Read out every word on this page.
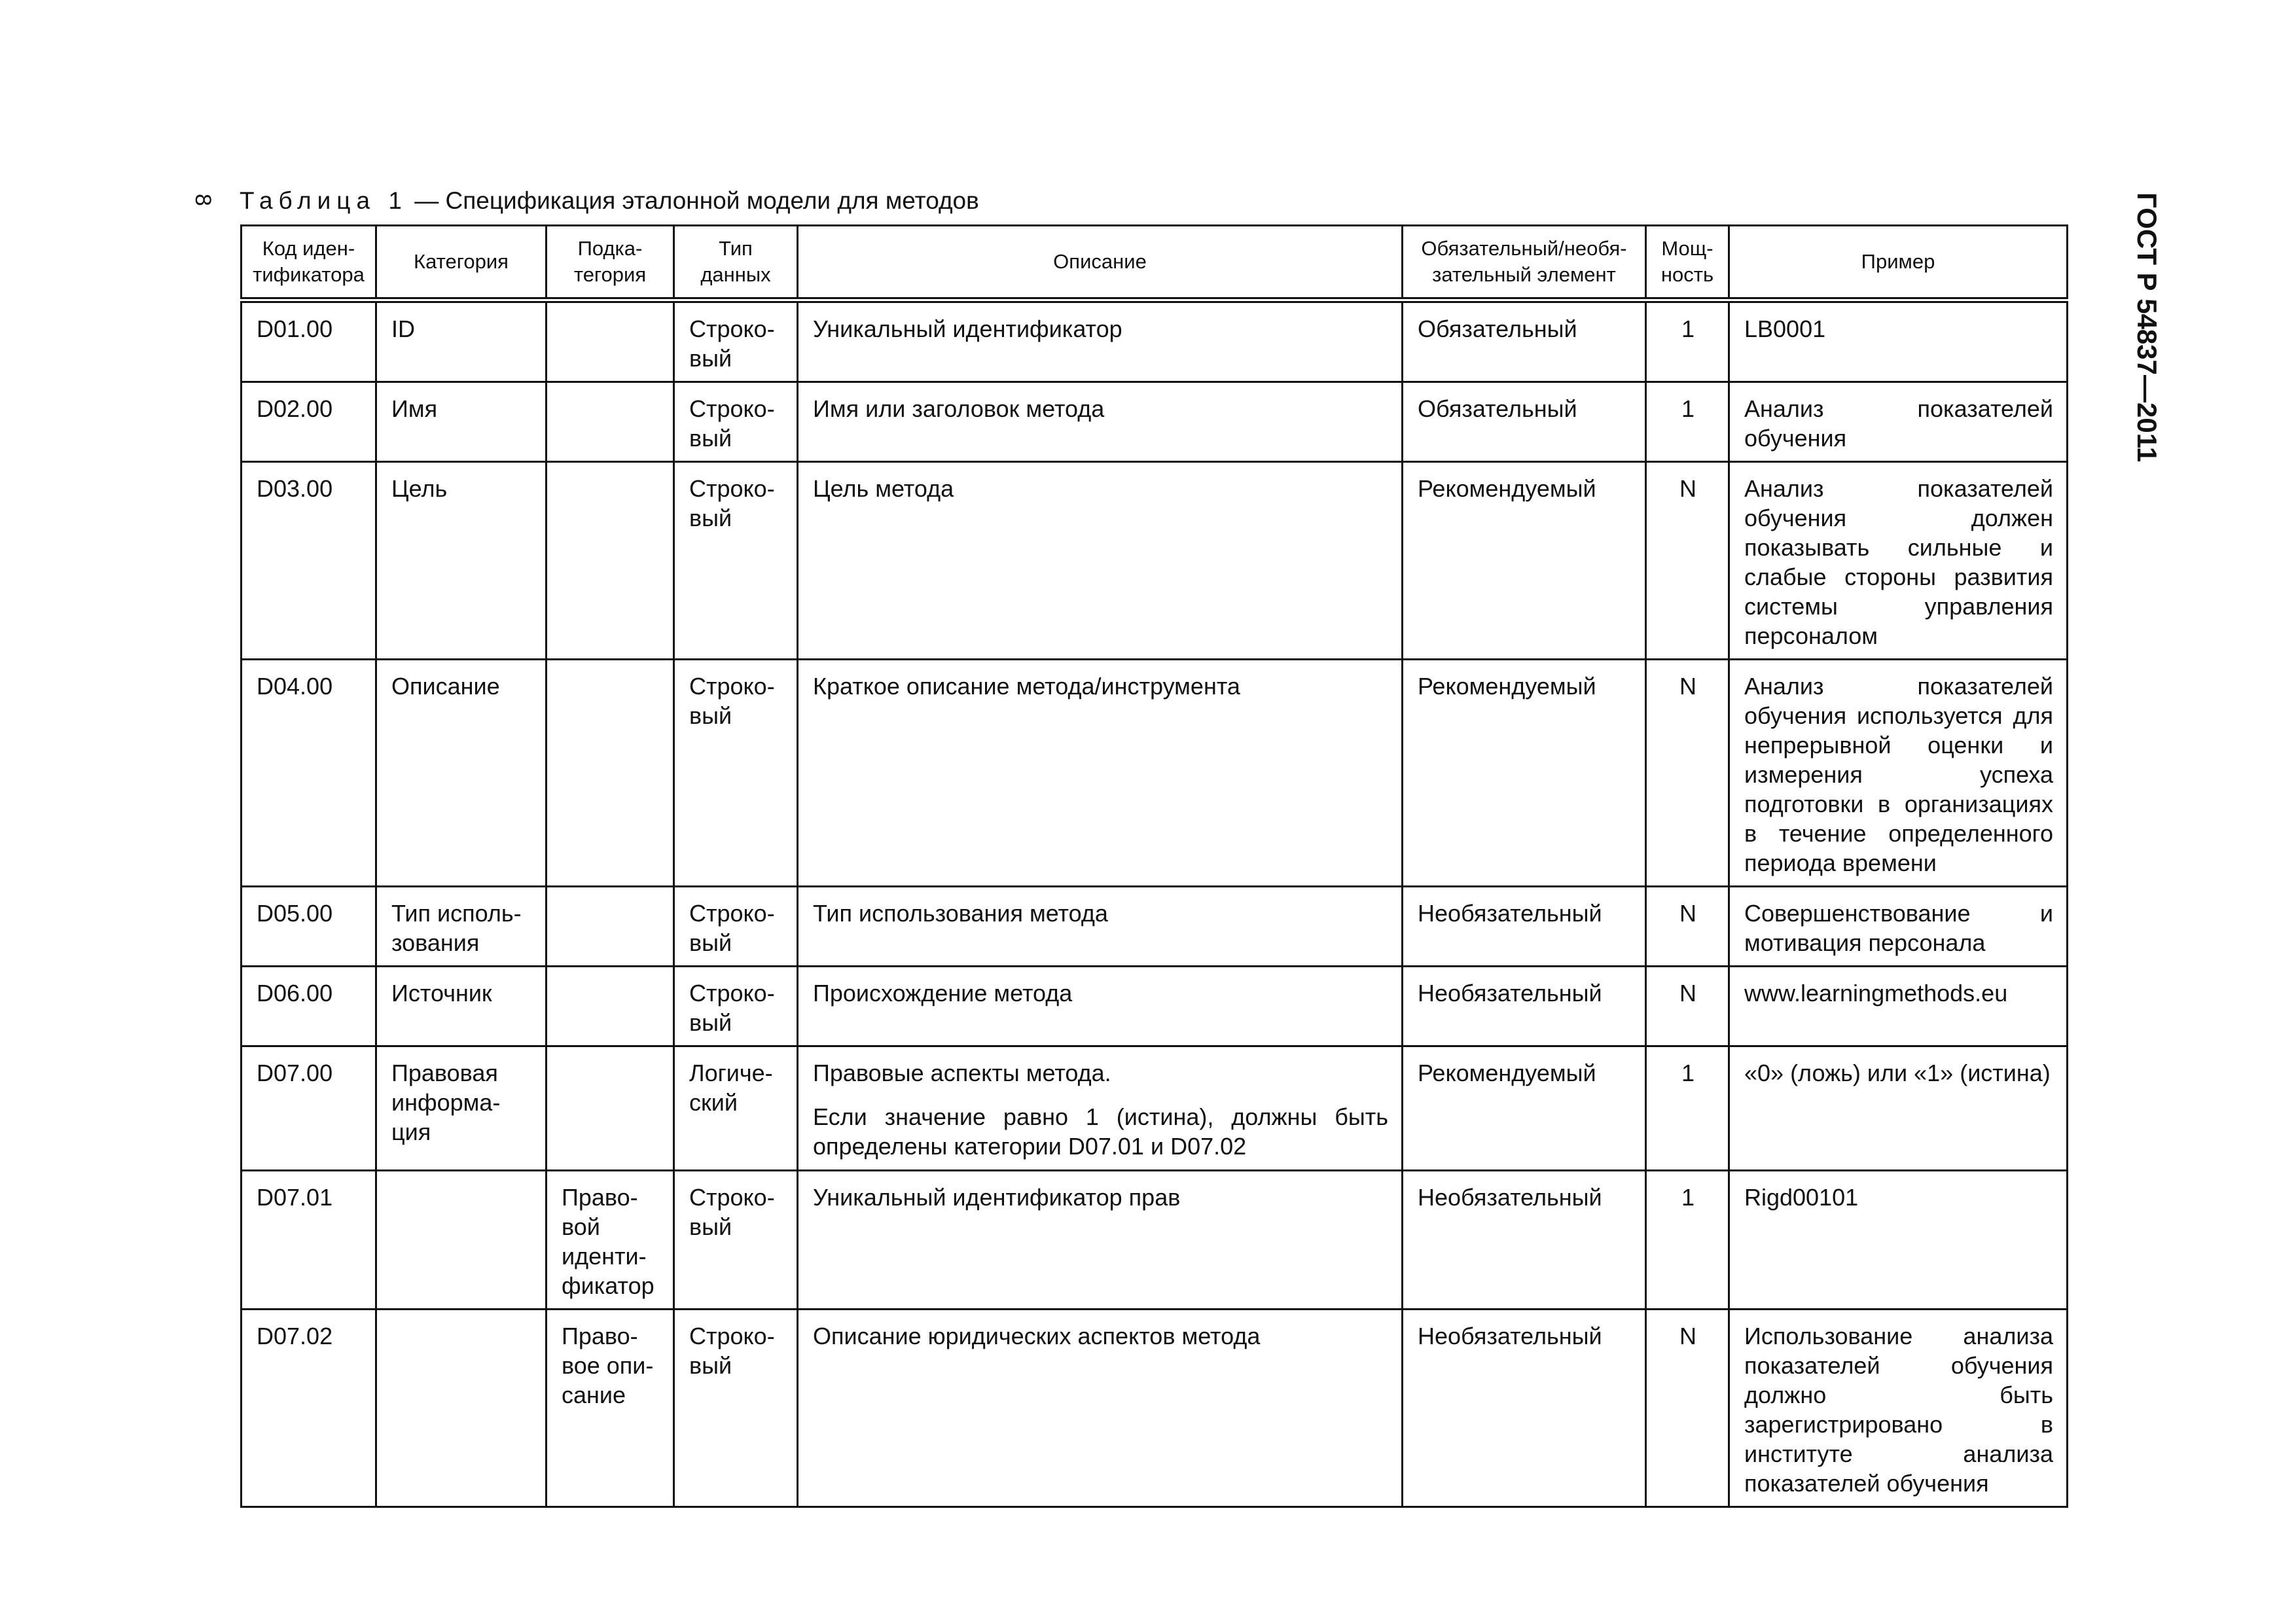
8 Таблица 1 — Спецификация эталонной модели для методов	ГОСТ Р 54837—2011
Код иден-
тификатора	Категория	Подка-
тегория	Тип
данных	Описание	Обязательный/необя-
зательный элемент	Мощ-
ность	Пример

D01.00	ID		Строко-
вый	Уникальный идентификатор	Обязательный	1	LB0001

D02.00	Имя		Строко-
вый	Имя или заголовок метода	Обязательный	1	Анализ показателей обучения

D03.00	Цель		Строко-
вый	Цель метода	Рекомендуемый	N	Анализ показателей обучения должен показывать сильные и слабые стороны развития системы управления персоналом

D04.00	Описание		Строко-
вый	Краткое описание метода/инструмента	Рекомендуемый	N	Анализ показателей обучения используется для непрерывной оценки и измерения успеха подготовки в организациях в течение определенного периода времени

D05.00	Тип исполь-
зования		Строко-
вый	Тип использования метода	Необязательный	N	Совершенствование и мотивация персонала

D06.00	Источник		Строко-
вый	Происхождение метода	Необязательный	N	www.learningmethods.eu

D07.00	Правовая
информа-
ция		Логиче-
ский	Правовые аспекты метода.
Если значение равно 1 (истина), должны быть определены категории D07.01 и D07.02	Рекомендуемый	1	«0» (ложь) или «1» (истина)

D07.01		Право-
вой
иденти-
фикатор	Строко-
вый	Уникальный идентификатор прав	Необязательный	1	Rigd00101

D07.02		Право-
вое опи-
сание	Строко-
вый	Описание юридических аспектов метода	Необязательный	N	Использование анализа показателей обучения должно быть зарегистрировано в институте анализа показателей обучения
